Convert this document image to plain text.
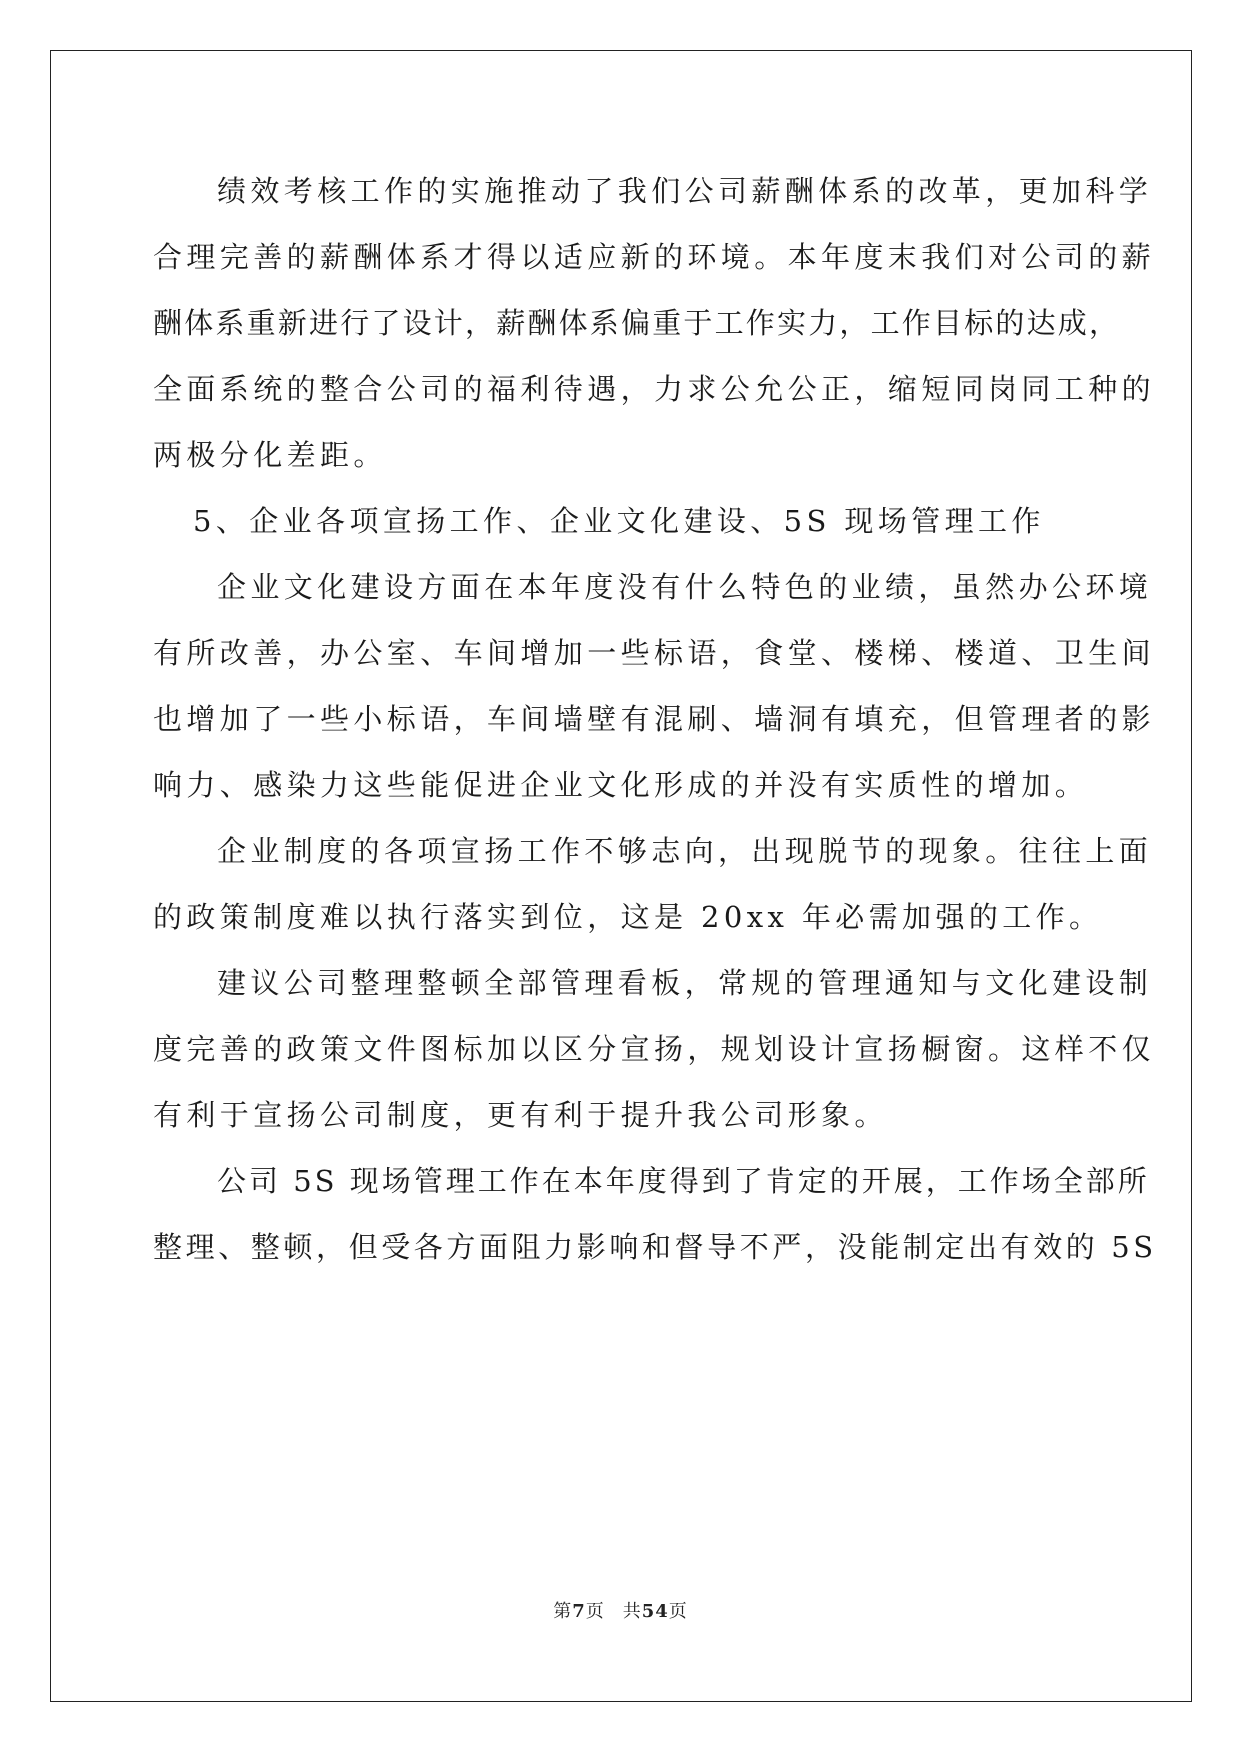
绩效考核工作的实施推动了我们公司薪酬体系的改革，更加科学
合理完善的薪酬体系才得以适应新的环境。本年度末我们对公司的薪
酬体系重新进行了设计，薪酬体系偏重于工作实力，工作目标的达成，
全面系统的整合公司的福利待遇，力求公允公正，缩短同岗同工种的
两极分化差距。
5、企业各项宣扬工作、企业文化建设、5S 现场管理工作
企业文化建设方面在本年度没有什么特色的业绩，虽然办公环境
有所改善，办公室、车间增加一些标语，食堂、楼梯、楼道、卫生间
也增加了一些小标语，车间墙壁有混刷、墙洞有填充，但管理者的影
响力、感染力这些能促进企业文化形成的并没有实质性的增加。
企业制度的各项宣扬工作不够志向，出现脱节的现象。往往上面
的政策制度难以执行落实到位，这是 20xx 年必需加强的工作。
建议公司整理整顿全部管理看板，常规的管理通知与文化建设制
度完善的政策文件图标加以区分宣扬，规划设计宣扬橱窗。这样不仅
有利于宣扬公司制度，更有利于提升我公司形象。
公司 5S 现场管理工作在本年度得到了肯定的开展，工作场全部所
整理、整顿，但受各方面阻力影响和督导不严，没能制定出有效的 5S
第7页 共54页
